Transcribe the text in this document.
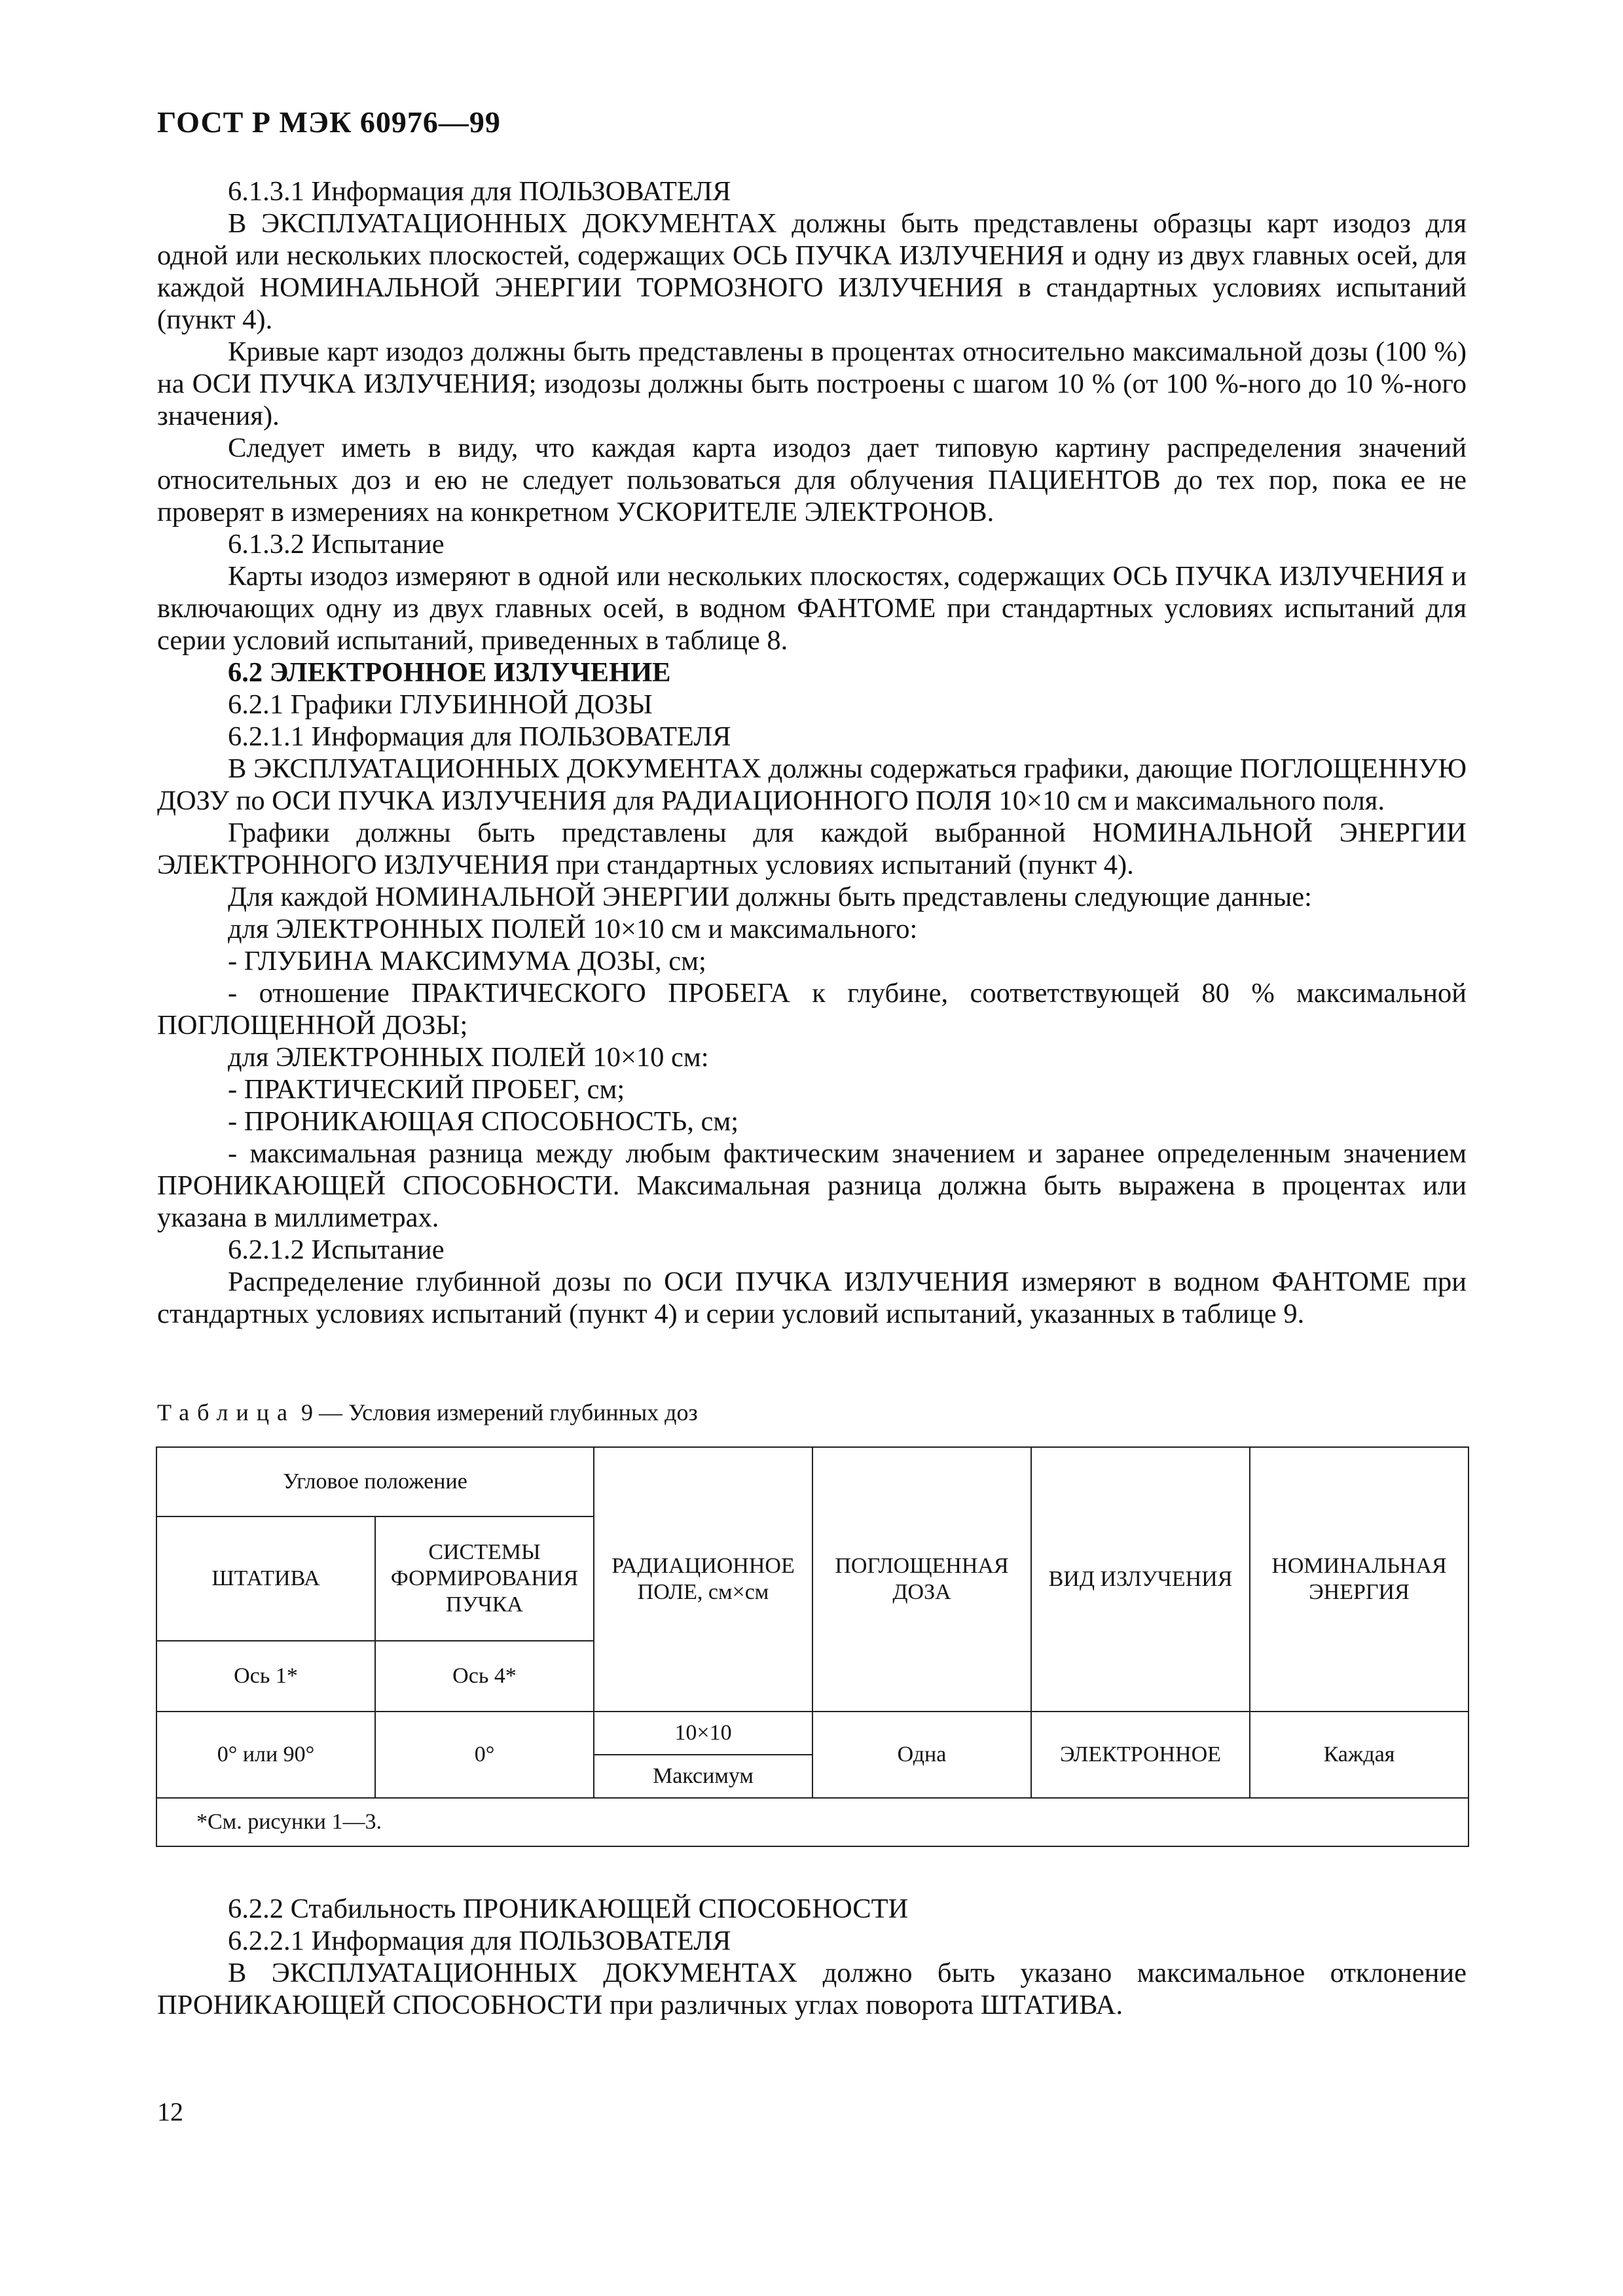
ГОСТ Р МЭК 60976—99

6.1.3.1 Информация для ПОЛЬЗОВАТЕЛЯ

В ЭКСПЛУАТАЦИОННЫХ ДОКУМЕНТАХ должны быть представлены образцы карт изодоз для одной или нескольких плоскостей, содержащих ОСЬ ПУЧКА ИЗЛУЧЕНИЯ и одну из двух главных осей, для каждой НОМИНАЛЬНОЙ ЭНЕРГИИ ТОРМОЗНОГО ИЗЛУЧЕНИЯ в стандартных условиях испытаний (пункт 4).

Кривые карт изодоз должны быть представлены в процентах относительно максимальной дозы (100 %) на ОСИ ПУЧКА ИЗЛУЧЕНИЯ; изодозы должны быть построены с шагом 10 % (от 100 %-ного до 10 %-ного значения).

Следует иметь в виду, что каждая карта изодоз дает типовую картину распределения значений относительных доз и ею не следует пользоваться для облучения ПАЦИЕНТОВ до тех пор, пока ее не проверят в измерениях на конкретном УСКОРИТЕЛЕ ЭЛЕКТРОНОВ.

6.1.3.2 Испытание

Карты изодоз измеряют в одной или нескольких плоскостях, содержащих ОСЬ ПУЧКА ИЗЛУЧЕНИЯ и включающих одну из двух главных осей, в водном ФАНТОМЕ при стандартных условиях испытаний для серии условий испытаний, приведенных в таблице 8.

6.2 ЭЛЕКТРОННОЕ ИЗЛУЧЕНИЕ

6.2.1 Графики ГЛУБИННОЙ ДОЗЫ

6.2.1.1 Информация для ПОЛЬЗОВАТЕЛЯ

В ЭКСПЛУАТАЦИОННЫХ ДОКУМЕНТАХ должны содержаться графики, дающие ПОГЛОЩЕННУЮ ДОЗУ по ОСИ ПУЧКА ИЗЛУЧЕНИЯ для РАДИАЦИОННОГО ПОЛЯ 10×10 см и максимального поля.

Графики должны быть представлены для каждой выбранной НОМИНАЛЬНОЙ ЭНЕРГИИ ЭЛЕКТРОННОГО ИЗЛУЧЕНИЯ при стандартных условиях испытаний (пункт 4).

Для каждой НОМИНАЛЬНОЙ ЭНЕРГИИ должны быть представлены следующие данные:

для ЭЛЕКТРОННЫХ ПОЛЕЙ 10×10 см и максимального:

- ГЛУБИНА МАКСИМУМА ДОЗЫ, см;

- отношение ПРАКТИЧЕСКОГО ПРОБЕГА к глубине, соответствующей 80 % максимальной ПОГЛОЩЕННОЙ ДОЗЫ;

для ЭЛЕКТРОННЫХ ПОЛЕЙ 10×10 см:

- ПРАКТИЧЕСКИЙ ПРОБЕГ, см;

- ПРОНИКАЮЩАЯ СПОСОБНОСТЬ, см;

- максимальная разница между любым фактическим значением и заранее определенным значением ПРОНИКАЮЩЕЙ СПОСОБНОСТИ. Максимальная разница должна быть выражена в процентах или указана в миллиметрах.

6.2.1.2 Испытание

Распределение глубинной дозы по ОСИ ПУЧКА ИЗЛУЧЕНИЯ измеряют в водном ФАНТОМЕ при стандартных условиях испытаний (пункт 4) и серии условий испытаний, указанных в таблице 9.

Таблица 9 — Условия измерений глубинных доз
Угловое положение		РАДИАЦИОННОЕ ПОЛЕ, см×см	ПОГЛОЩЕННАЯ ДОЗА	ВИД ИЗЛУЧЕНИЯ	НОМИНАЛЬНАЯ ЭНЕРГИЯ
ШТАТИВА	СИСТЕМЫ ФОРМИРОВАНИЯ ПУЧКА				
Ось 1*	Ось 4*				
0° или 90°	0°	10×10	Одна	ЭЛЕКТРОННОЕ	Каждая
		Максимум			
*См. рисунки 1—3.					

6.2.2 Стабильность ПРОНИКАЮЩЕЙ СПОСОБНОСТИ

6.2.2.1 Информация для ПОЛЬЗОВАТЕЛЯ

В ЭКСПЛУАТАЦИОННЫХ ДОКУМЕНТАХ должно быть указано максимальное отклонение ПРОНИКАЮЩЕЙ СПОСОБНОСТИ при различных углах поворота ШТАТИВА.

12
